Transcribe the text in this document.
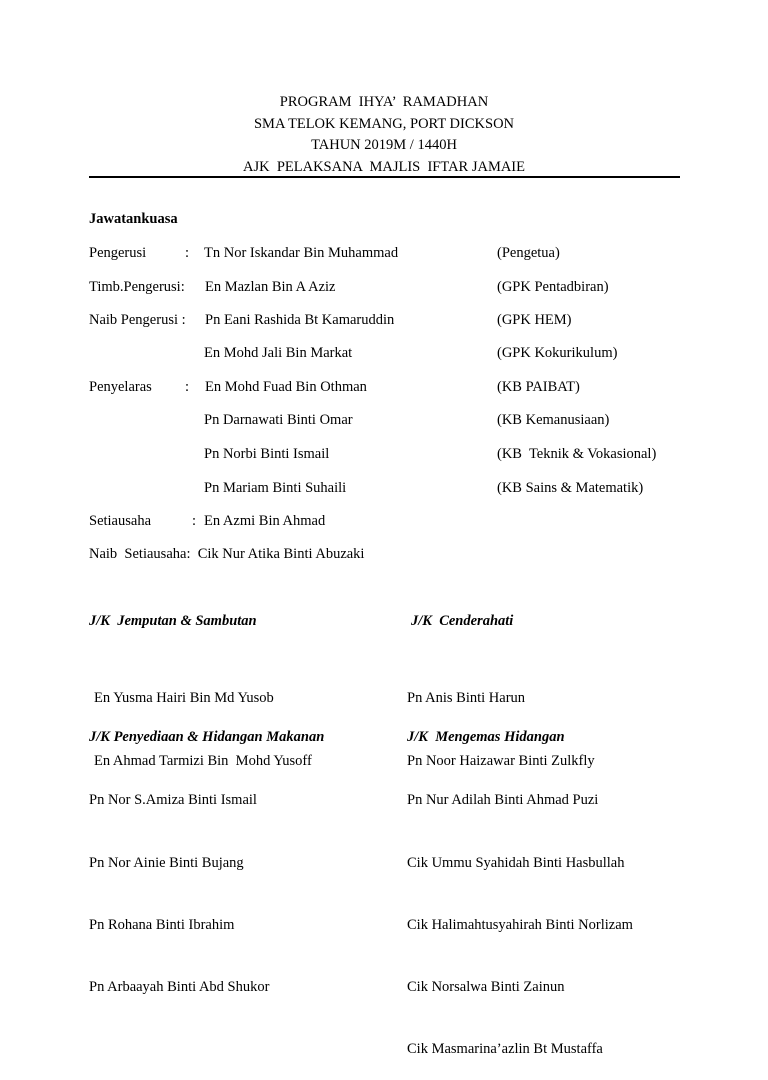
PROGRAM  IHYA’  RAMADHAN
SMA TELOK KEMANG, PORT DICKSON
TAHUN 2019M / 1440H
AJK  PELAKSANA  MAJLIS  IFTAR JAMAIE
Jawatankuasa
Pengerusi	: Tn Nor Iskandar Bin Muhammad	(Pengetua)
Timb.Pengerusi: En Mazlan Bin A Aziz	(GPK Pentadbiran)
Naib Pengerusi : Pn Eani Rashida Bt Kamaruddin	(GPK HEM)
En Mohd Jali Bin Markat	(GPK Kokurikulum)
Penyelaras : En Mohd Fuad Bin Othman	(KB PAIBAT)
Pn Darnawati Binti Omar	(KB Kemanusiaan)
Pn Norbi Binti Ismail	(KB  Teknik & Vokasional)
Pn Mariam Binti Suhaili	(KB Sains & Matematik)
Setiausaha	: En Azmi Bin Ahmad
Naib  Setiausaha:  Cik Nur Atika Binti Abuzaki
J/K  Jemputan & Sambutan

En Yusma Hairi Bin Md Yusob

En Ahmad Tarmizi Bin  Mohd Yusoff

J/K  Cenderahati

Pn Anis Binti Harun

Pn Noor Haizawar Binti Zulkfly

J/K Penyediaan & Hidangan Makanan

Pn Nor S.Amiza Binti Ismail

Pn Nor Ainie Binti Bujang

Pn Rohana Binti Ibrahim

Pn Arbaayah Binti Abd Shukor

J/K  Mengemas Hidangan

Pn Nur Adilah Binti Ahmad Puzi

Cik Ummu Syahidah Binti Hasbullah

Cik Halimahtusyahirah Binti Norlizam

Cik Norsalwa Binti Zainun

Cik Masmarina’azlin Bt Mustaffa
